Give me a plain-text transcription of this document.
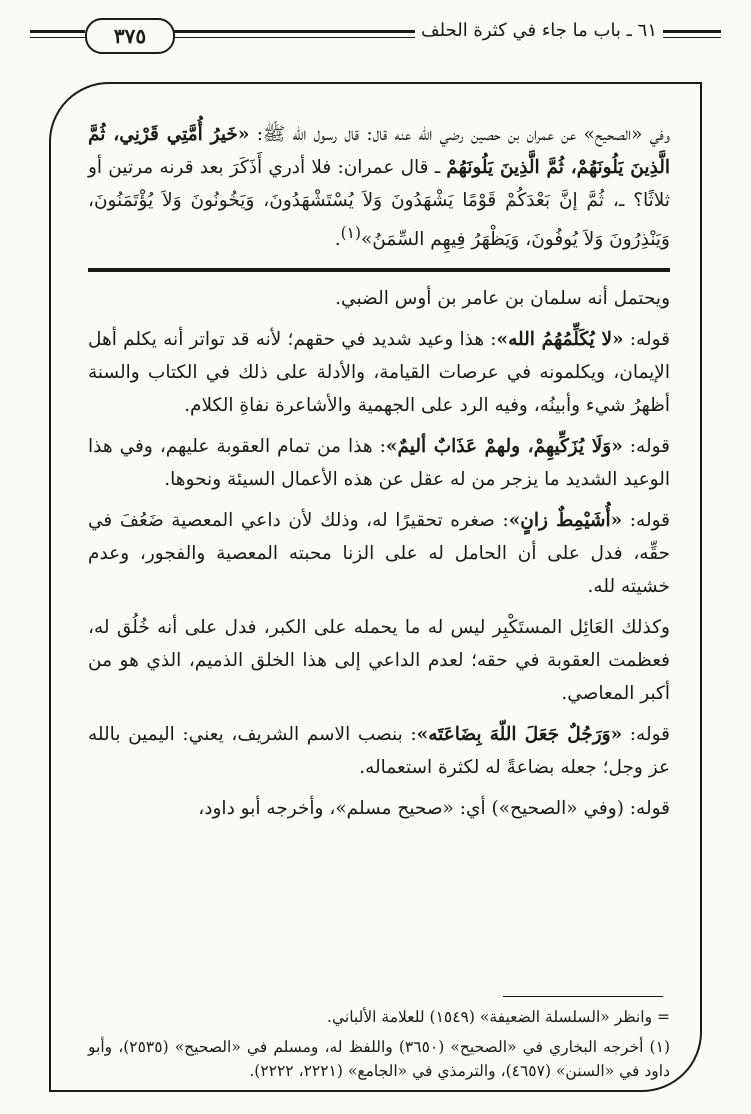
٣٧٥	٦١ ـ باب ما جاء في كثرة الحلف

وفي «الصحيح» عن عمران بن حصين رضي الله عنه قال: قال رسول الله ﷺ: «خَيرُ أُمَّتِي قَرْنِي، ثُمَّ الَّذِينَ يَلُونَهُمْ، ثُمَّ الَّذِينَ يَلُونَهُمْ ـ قال عمران: فلا أدري أَذَكَرَ بعد قرنه مرتين أو ثلاثًا؟ ـ، ثُمَّ إنَّ بَعْدَكُمْ قَوْمًا يَشْهَدُونَ وَلاَ يُسْتَشْهَدُونَ، وَيَخُونُونَ وَلاَ يُؤْتَمَنُونَ، وَيَنْذِرُونَ وَلاَ يُوفُونَ، وَيَظْهَرُ فِيهِم السِّمَنُ»$^{(١)}$.

ويحتمل أنه سلمان بن عامر بن أوس الضبي.

قوله: «لا يُكَلِّمُهُمُ الله»: هذا وعيد شديد في حقهم؛ لأنه قد تواتر أنه يكلم أهل الإيمان، ويكلمونه في عرصات القيامة، والأدلة على ذلك في الكتاب والسنة أظهرُ شيء وأبينُه، وفيه الرد على الجهمية والأشاعرة نفاةِ الكلام.

قوله: «وَلَا يُزَكِّيهِمْ، ولهمْ عَذَابٌ أليمٌ»: هذا من تمام العقوبة عليهم، وفي هذا الوعيد الشديد ما يزجر من له عقل عن هذه الأعمال السيئة ونحوها.

قوله: «أُشَيْمِطٌ زانٍ»: صغره تحقيرًا له، وذلك لأن داعي المعصية ضَعُفَ في حقِّه، فدل على أن الحامل له على الزنا محبته المعصية والفجور، وعدم خشيته لله.

وكذلك العَائِل المستَكْبِر ليس له ما يحمله على الكبر، فدل على أنه خُلُق له، فعظمت العقوبة في حقه؛ لعدم الداعي إلى هذا الخلق الذميم، الذي هو من أكبر المعاصي.

قوله: «وَرَجُلٌ جَعَلَ اللّهَ بِضَاعَتَه»: بنصب الاسم الشريف، يعني: اليمين بالله عز وجل؛ جعله بضاعةً له لكثرة استعماله.

قوله: (وفي «الصحيح») أي: «صحيح مسلم»، وأخرجه أبو داود،

= وانظر «السلسلة الضعيفة» (١٥٤٩) للعلامة الألباني.

(١) أخرجه البخاري في «الصحيح» (٣٦٥٠) واللفظ له، ومسلم في «الصحيح» (٢٥٣٥)، وأبو داود في «السنن» (٤٦٥٧)، والترمذي في «الجامع» (٢٢٢١، ٢٢٢٢).
